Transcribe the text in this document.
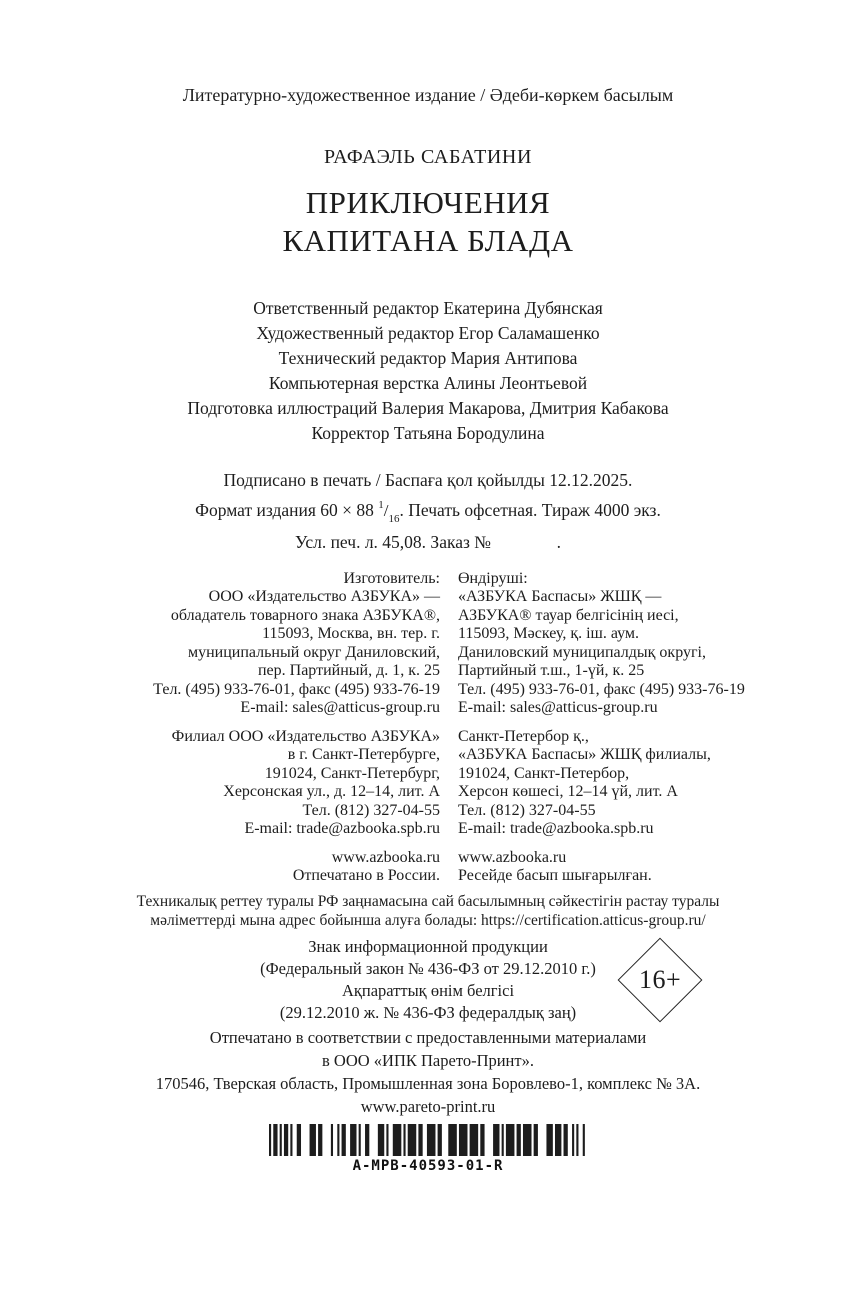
Литературно-художественное издание / Әдеби-көркем басылым
РАФАЭЛЬ САБАТИНИ
ПРИКЛЮЧЕНИЯ
КАПИТАНА БЛАДА
Ответственный редактор Екатерина Дубянская
Художественный редактор Егор Саламашенко
Технический редактор Мария Антипова
Компьютерная верстка Алины Леонтьевой
Подготовка иллюстраций Валерия Макарова, Дмитрия Кабакова
Корректор Татьяна Бородулина
Подписано в печать / Баспаға қол қойылды 12.12.2025.
Формат издания 60 × 88 $^1/_{16}$. Печать офсетная. Тираж 4000 экз.
Усл. печ. л. 45,08. Заказ №               .
Изготовитель:
ООО «Издательство АЗБУКА» —
обладатель товарного знака АЗБУКА®,
115093, Москва, вн. тер. г.
муниципальный округ Даниловский,
пер. Партийный, д. 1, к. 25
Тел. (495) 933-76-01, факс (495) 933-76-19
E-mail: sales@atticus-group.ru
Филиал ООО «Издательство АЗБУКА»
в г. Санкт-Петербурге,
191024, Санкт-Петербург,
Херсонская ул., д. 12–14, лит. А
Тел. (812) 327-04-55
E-mail: trade@azbooka.spb.ru
www.azbooka.ru
Отпечатано в России.
Өндіруші:
«АЗБУКА Баспасы» ЖШҚ —
АЗБУКА® тауар белгісінің иесі,
115093, Мәскеу, қ. іш. аум.
Даниловский муниципалдық округі,
Партийный т.ш., 1-үй, к. 25
Тел. (495) 933-76-01, факс (495) 933-76-19
E-mail: sales@atticus-group.ru
Санкт-Петербор қ.,
«АЗБУКА Баспасы» ЖШҚ филиалы,
191024, Санкт-Петербор,
Херсон көшесі, 12–14 үй, лит. А
Тел. (812) 327-04-55
E-mail: trade@azbooka.spb.ru
www.azbooka.ru
Ресейде басып шығарылған.
Техникалық реттеу туралы РФ заңнамасына сай басылымның сәйкестігін растау туралы
мәліметтерді мына адрес бойынша алуға болады: https://certification.atticus-group.ru/
Знак информационной продукции
(Федеральный закон № 436-ФЗ от 29.12.2010 г.)
Ақпараттық өнім белгісі
(29.12.2010 ж. № 436-ФЗ федералдық заң)
16+
Отпечатано в соответствии с предоставленными материалами
в ООО «ИПК Парето-Принт».
170546, Тверская область, Промышленная зона Боровлево-1, комплекс № 3А.
www.pareto-print.ru
A-MPB-40593-01-R
